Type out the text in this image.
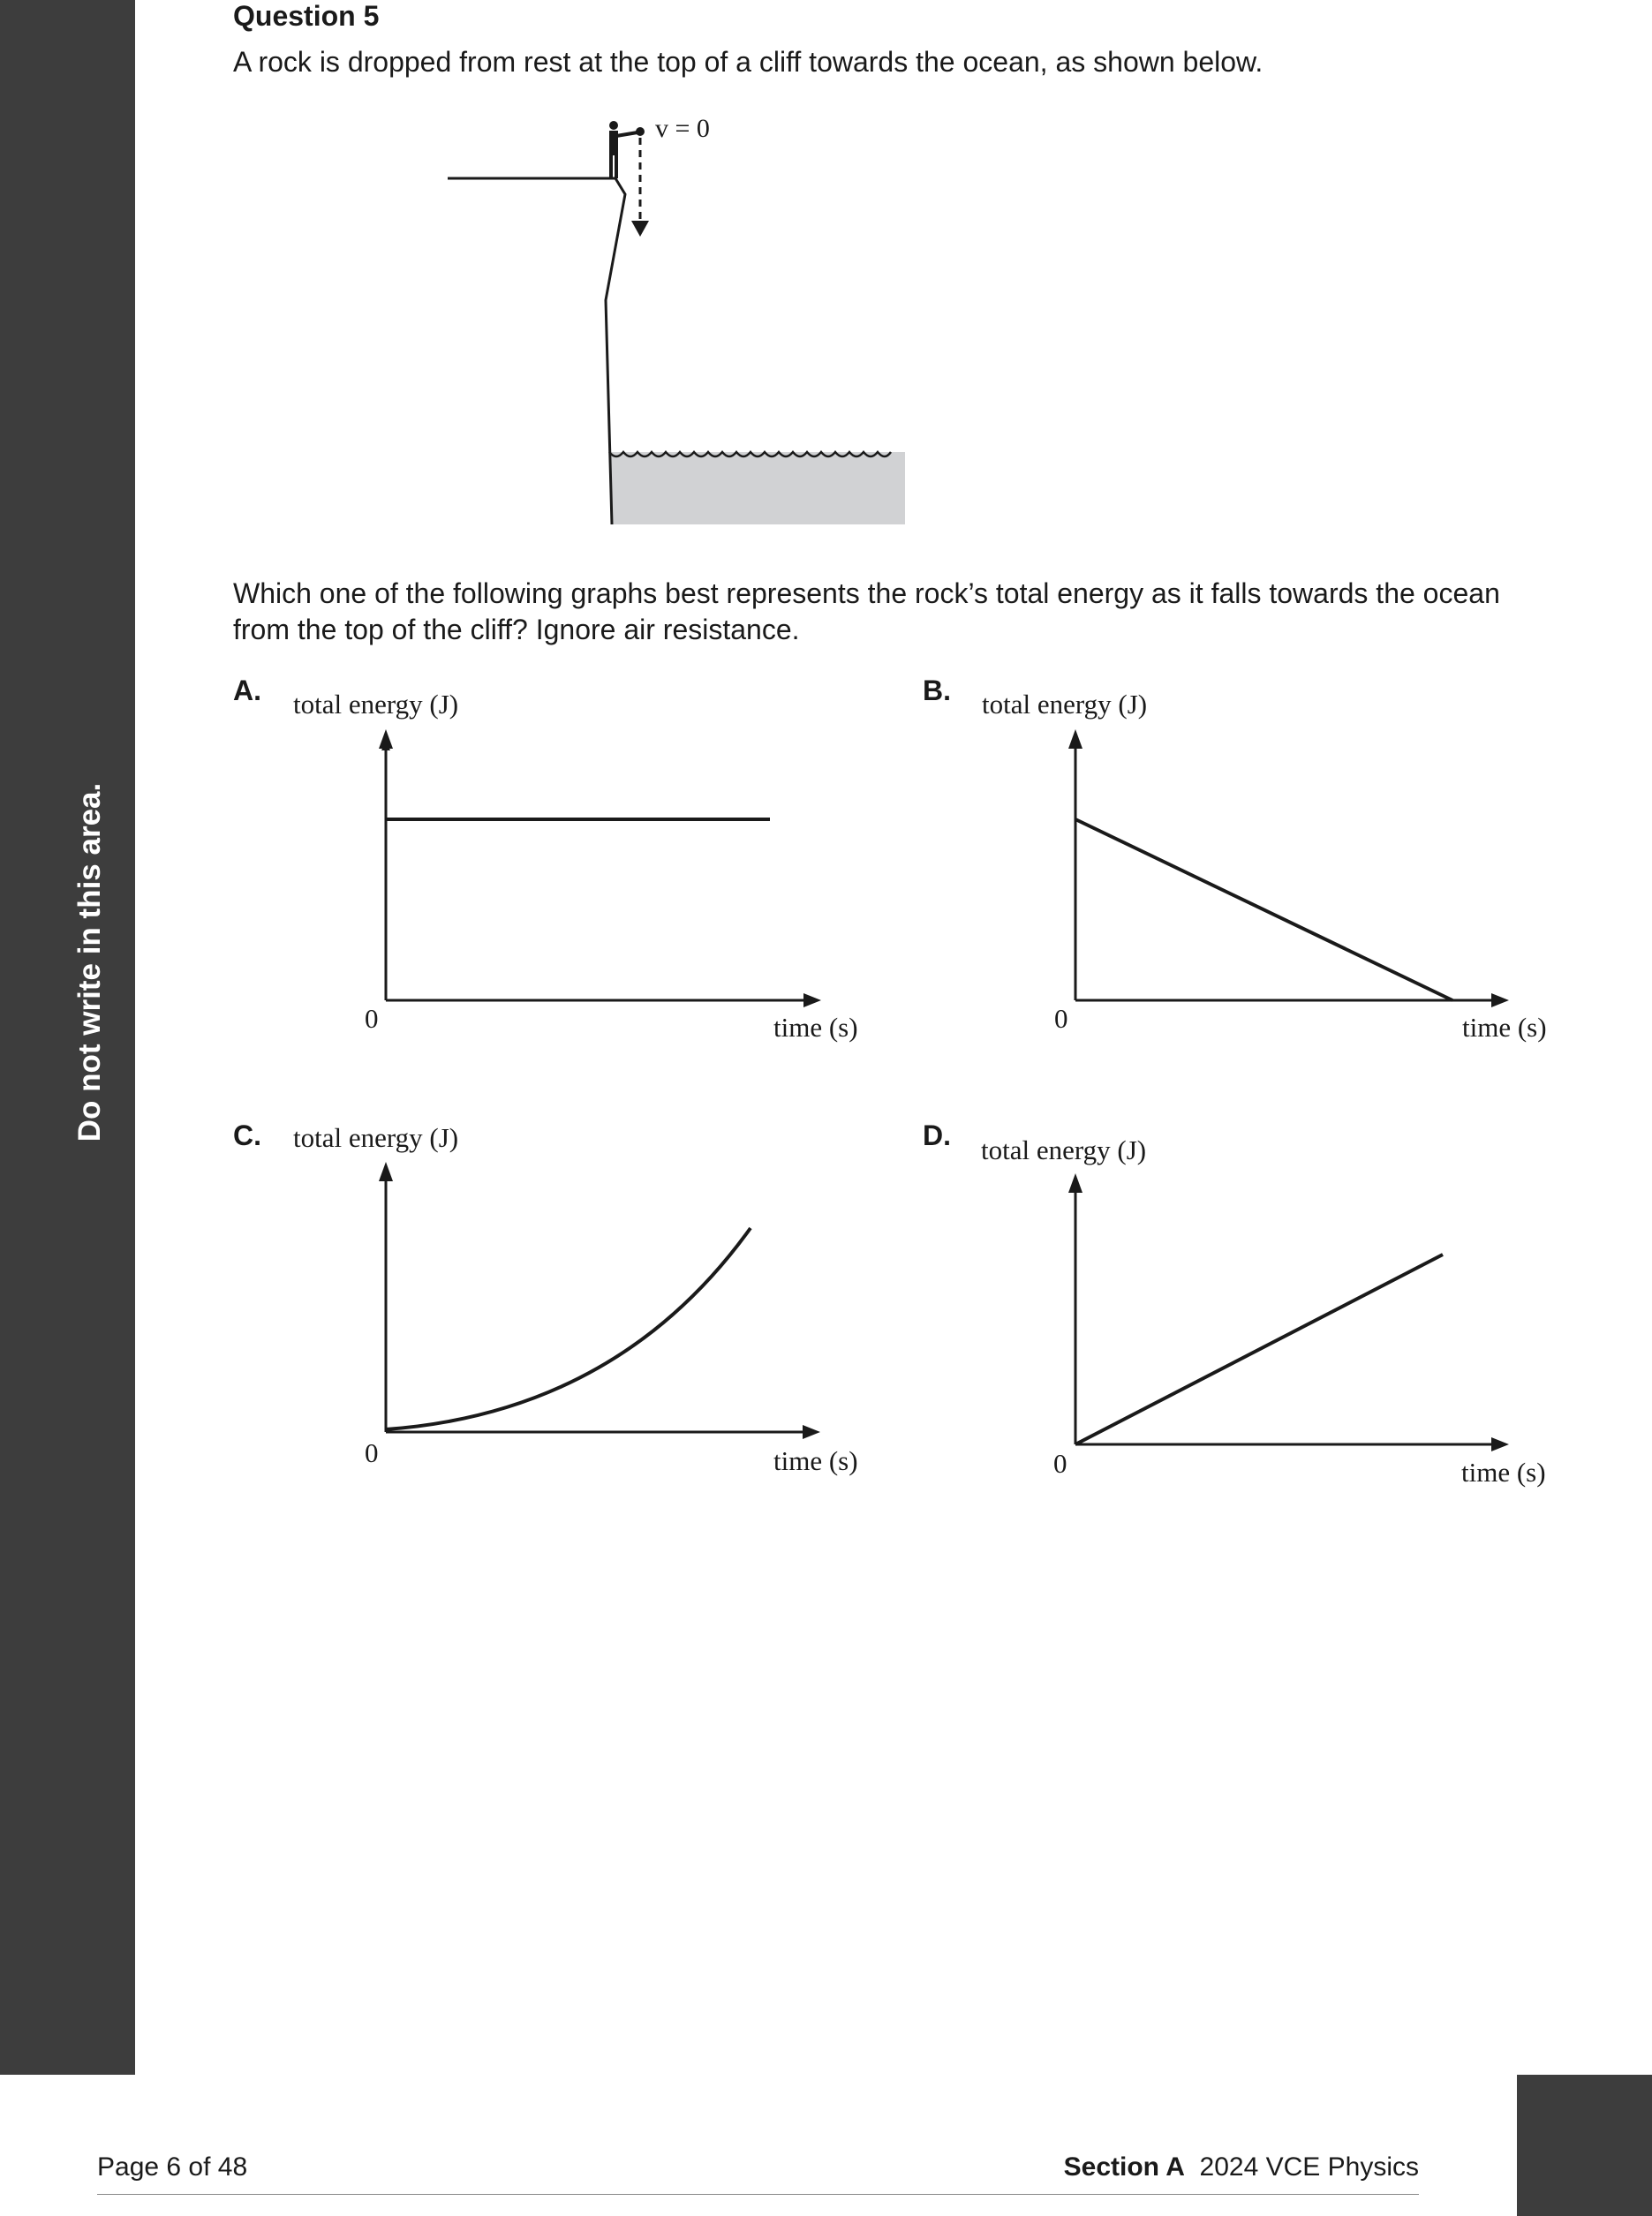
Do not write in this area.
Question 5
A rock is dropped from rest at the top of a cliff towards the ocean, as shown below.
Which one of the following graphs best represents the rock’s total energy as it falls towards the ocean from the top of the cliff? Ignore air resistance.
A.	B.
C.	D.
v = 0
total energy (J)
0	time (s)
total energy (J)
0	time (s)
total energy (J)
0	time (s)
total energy (J)
0	time (s)
Page 6 of 48	Section A 2024 VCE Physics
